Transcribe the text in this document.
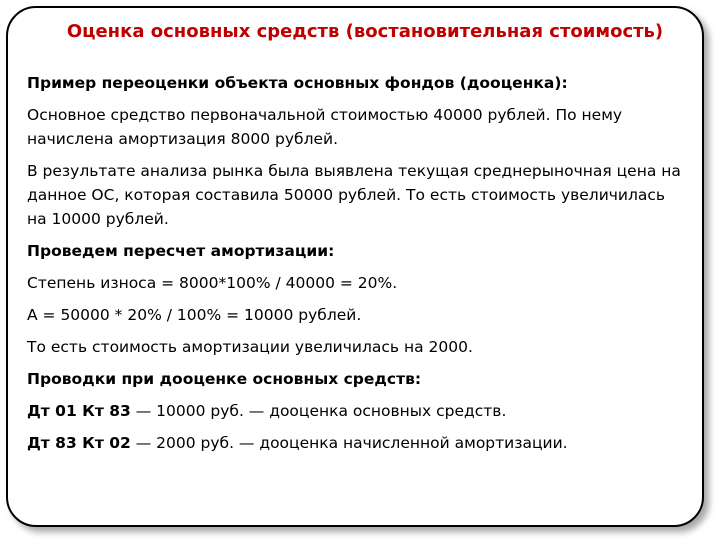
Оценка основных средств (востановительная стоимость)

Пример переоценки объекта основных фондов (дооценка):

Основное средство первоначальной стоимостью 40000 рублей. По нему начислена амортизация 8000 рублей.

В результате анализа рынка была выявлена текущая среднерыночная цена на данное ОС, которая составила 50000 рублей. То есть стоимость увеличилась на 10000 рублей.

Проведем пересчет амортизации:

Степень износа = 8000*100% / 40000 = 20%.

А = 50000 * 20% / 100% = 10000 рублей.

То есть стоимость амортизации увеличилась на 2000.

Проводки при дооценке основных средств:

Дт 01 Кт 83 — 10000 руб. — дооценка основных средств.

Дт 83 Кт 02 — 2000 руб. — дооценка начисленной амортизации.
